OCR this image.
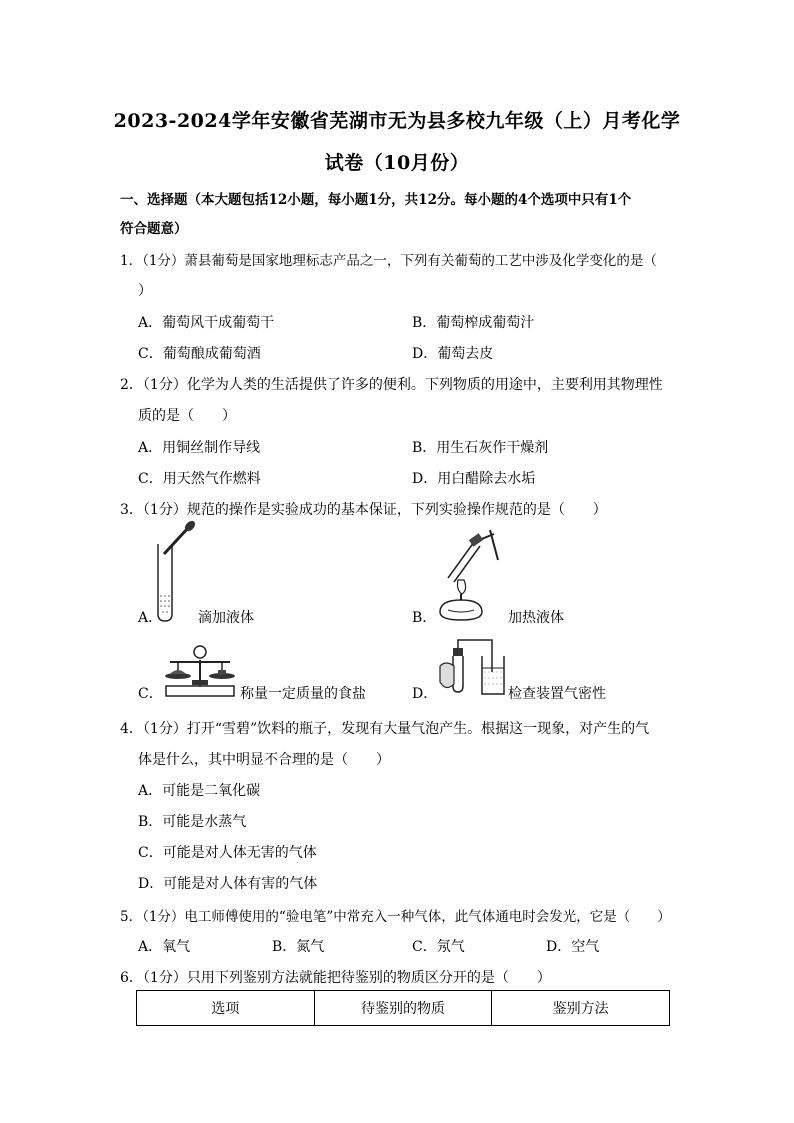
2023-2024学年安徽省芜湖市无为县多校九年级（上）月考化学
试卷（10月份）
一、选择题（本大题包括12小题，每小题1分，共12分。每小题的4个选项中只有1个
符合题意）
1．（1分）萧县葡萄是国家地理标志产品之一，下列有关葡萄的工艺中涉及化学变化的是（
）
A．葡萄风干成葡萄干	B．葡萄榨成葡萄汁
C．葡萄酿成葡萄酒	D．葡萄去皮
2．（1分）化学为人类的生活提供了许多的便利。下列物质的用途中，主要利用其物理性
质的是（　　）
A．用铜丝制作导线	B．用生石灰作干燥剂
C．用天然气作燃料	D．用白醋除去水垢
3．（1分）规范的操作是实验成功的基本保证，下列实验操作规范的是（　　）
A．	滴加液体	B．	加热液体
C．	称量一定质量的食盐	D．	检查装置气密性
4．（1分）打开“雪碧”饮料的瓶子，发现有大量气泡产生。根据这一现象，对产生的气
体是什么，其中明显不合理的是（　　）
A．可能是二氧化碳
B．可能是水蒸气
C．可能是对人体无害的气体
D．可能是对人体有害的气体
5．（1分）电工师傅使用的“验电笔”中常充入一种气体，此气体通电时会发光，它是（　　）
A．氧气	B．氮气	C．氖气	D．空气
6．（1分）只用下列鉴别方法就能把待鉴别的物质区分开的是（　　）
选项	待鉴别的物质	鉴别方法
